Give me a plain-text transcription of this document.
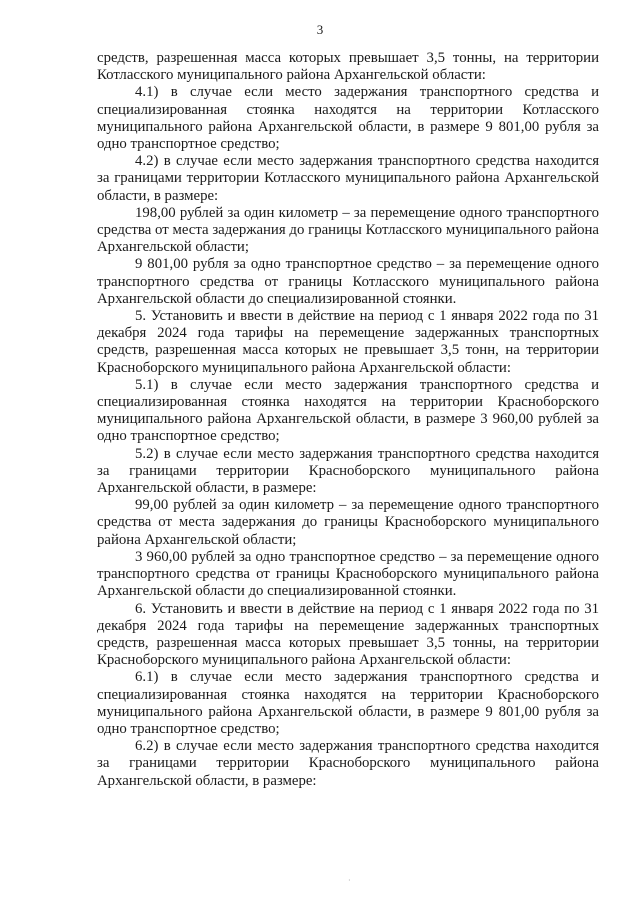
3

средств, разрешенная масса которых превышает 3,5 тонны, на территории Котласского муниципального района Архангельской области:

4.1) в случае если место задержания транспортного средства и специализированная стоянка находятся на территории Котласского муниципального района Архангельской области, в размере 9 801,00 рубля за одно транспортное средство;

4.2) в случае если место задержания транспортного средства находится за границами территории Котласского муниципального района Архангельской области, в размере:

198,00 рублей за один километр – за перемещение одного транспортного средства от места задержания до границы Котласского муниципального района Архангельской области;

9 801,00 рубля за одно транспортное средство – за перемещение одного транспортного средства от границы Котласского муниципального района Архангельской области до специализированной стоянки.

5. Установить и ввести в действие на период с 1 января 2022 года по 31 декабря 2024 года тарифы на перемещение задержанных транспортных средств, разрешенная масса которых не превышает 3,5 тонн, на территории Красноборского муниципального района Архангельской области:

5.1) в случае если место задержания транспортного средства и специализированная стоянка находятся на территории Красноборского муниципального района Архангельской области, в размере 3 960,00 рублей за одно транспортное средство;

5.2) в случае если место задержания транспортного средства находится за границами территории Красноборского муниципального района Архангельской области, в размере:

99,00 рублей за один километр – за перемещение одного транспортного средства от места задержания до границы Красноборского муниципального района Архангельской области;

3 960,00 рублей за одно транспортное средство – за перемещение одного транспортного средства от границы Красноборского муниципального района Архангельской области до специализированной стоянки.

6. Установить и ввести в действие на период с 1 января 2022 года по 31 декабря 2024 года тарифы на перемещение задержанных транспортных средств, разрешенная масса которых превышает 3,5 тонны, на территории Красноборского муниципального района Архангельской области:

6.1) в случае если место задержания транспортного средства и специализированная стоянка находятся на территории Красноборского муниципального района Архангельской области, в размере 9 801,00 рубля за одно транспортное средство;

6.2) в случае если место задержания транспортного средства находится за границами территории Красноборского муниципального района Архангельской области, в размере:

·
